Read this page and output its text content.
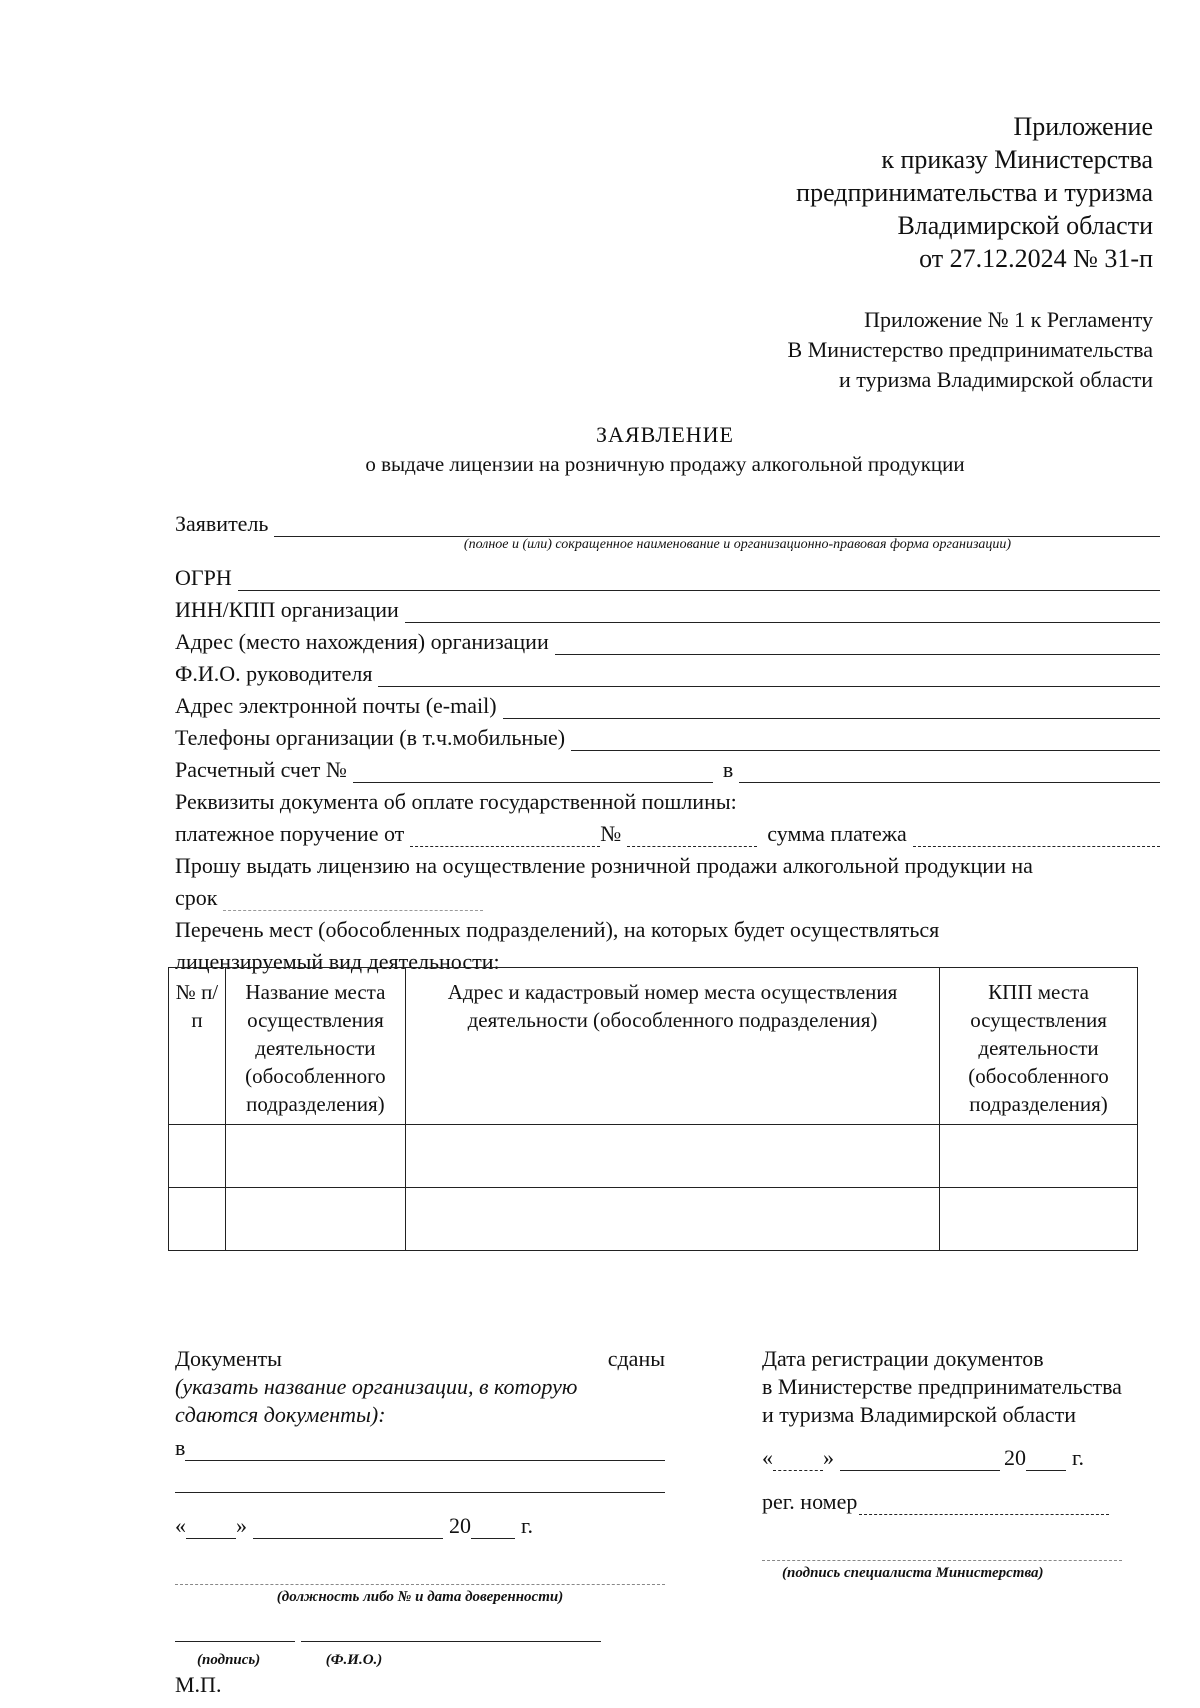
Приложение
к приказу Министерства
предпринимательства и туризма
Владимирской области
от 27.12.2024 № 31-п
Приложение № 1 к Регламенту
В Министерство предпринимательства
и туризма Владимирской области
ЗАЯВЛЕНИЕ
о выдаче лицензии на розничную продажу алкогольной продукции
Заявитель
(полное и (или) сокращенное наименование и организационно-правовая форма организации)
ОГРН
ИНН/КПП организации
Адрес (место нахождения) организации
Ф.И.О. руководителя
Адрес электронной почты (e-mail)
Телефоны организации (в т.ч.мобильные)
Расчетный счет №	в
Реквизиты документа об оплате государственной пошлины:
платежное поручение от	№	сумма платежа
Прошу выдать лицензию на осуществление розничной продажи алкогольной продукции на
срок
Перечень мест (обособленных подразделений), на которых будет осуществляться
лицензируемый вид деятельности:
№ п/п	Название места осуществления деятельности (обособленного подразделения)	Адрес и кадастровый номер места осуществления деятельности (обособленного подразделения)	КПП места осуществления деятельности (обособленного подразделения)

Документы сданы
(указать название организации, в которую сдаются документы):
в
« »	20 г.
(должность либо № и дата доверенности)
(подпись)	(Ф.И.О.)
М.П.
Дата регистрации документов
в Министерстве предпринимательства
и туризма Владимирской области
« »	20 г.
рег. номер
(подпись специалиста Министерства)
